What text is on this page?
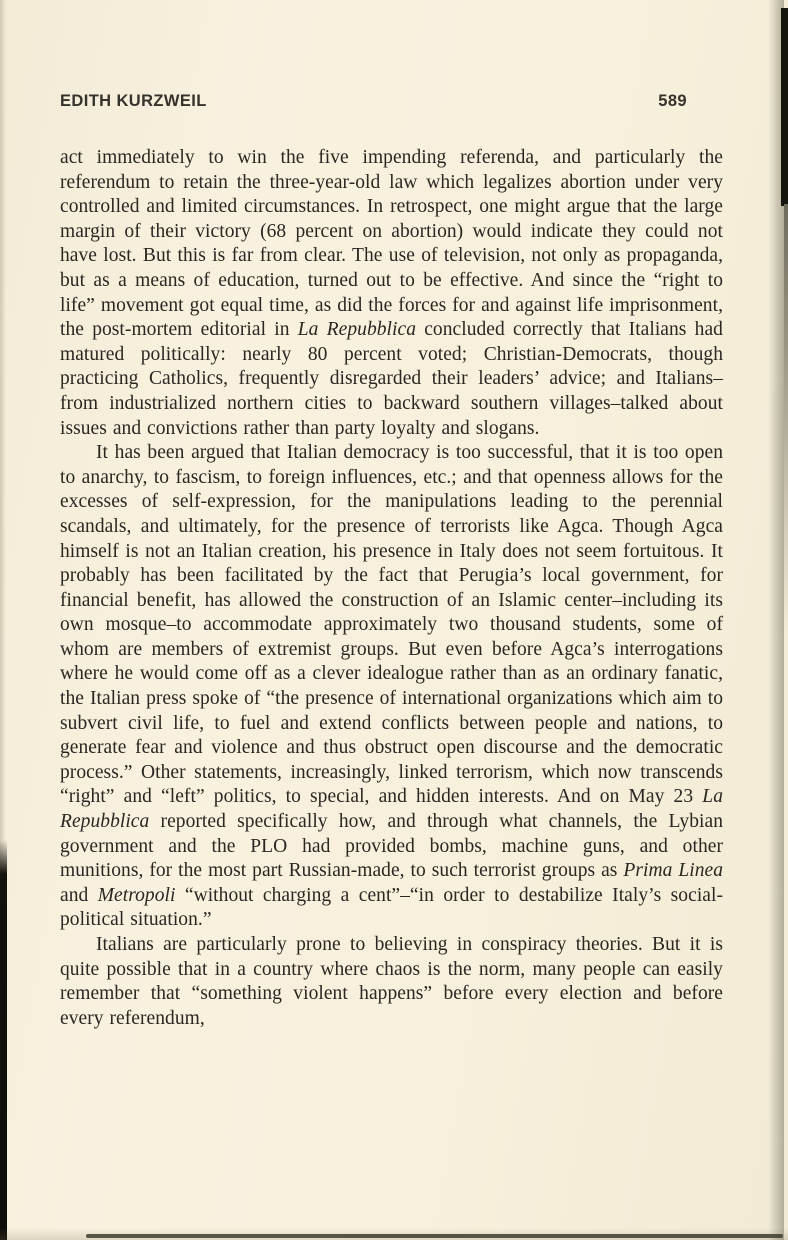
EDITH KURZWEIL	589

act immediately to win the five impending referenda, and particularly the referendum to retain the three-year-old law which legalizes abortion under very controlled and limited circumstances. In retrospect, one might argue that the large margin of their victory (68 percent on abortion) would indicate they could not have lost. But this is far from clear. The use of television, not only as propaganda, but as a means of education, turned out to be effective. And since the “right to life” movement got equal time, as did the forces for and against life imprisonment, the post-mortem editorial in La Repubblica concluded correctly that Italians had matured politically: nearly 80 percent voted; Christian-Democrats, though practicing Catholics, frequently disregarded their leaders’ advice; and Italians–from industrialized northern cities to backward southern villages–talked about issues and convictions rather than party loyalty and slogans.

It has been argued that Italian democracy is too successful, that it is too open to anarchy, to fascism, to foreign influences, etc.; and that openness allows for the excesses of self-expression, for the manipulations leading to the perennial scandals, and ultimately, for the presence of terrorists like Agca. Though Agca himself is not an Italian creation, his presence in Italy does not seem fortuitous. It probably has been facilitated by the fact that Perugia’s local government, for financial benefit, has allowed the construction of an Islamic center–including its own mosque–to accommodate approximately two thousand students, some of whom are members of extremist groups. But even before Agca’s interrogations where he would come off as a clever idealogue rather than as an ordinary fanatic, the Italian press spoke of “the presence of international organizations which aim to subvert civil life, to fuel and extend conflicts between people and nations, to generate fear and violence and thus obstruct open discourse and the democratic process.” Other statements, increasingly, linked terrorism, which now transcends “right” and “left” politics, to special, and hidden interests. And on May 23 La Repubblica reported specifically how, and through what channels, the Lybian government and the PLO had provided bombs, machine guns, and other munitions, for the most part Russian-made, to such terrorist groups as Prima Linea and Metropoli “without charging a cent”–“in order to destabilize Italy’s social-political situation.”

Italians are particularly prone to believing in conspiracy theories. But it is quite possible that in a country where chaos is the norm, many people can easily remember that “something violent happens” before every election and before every referendum,
